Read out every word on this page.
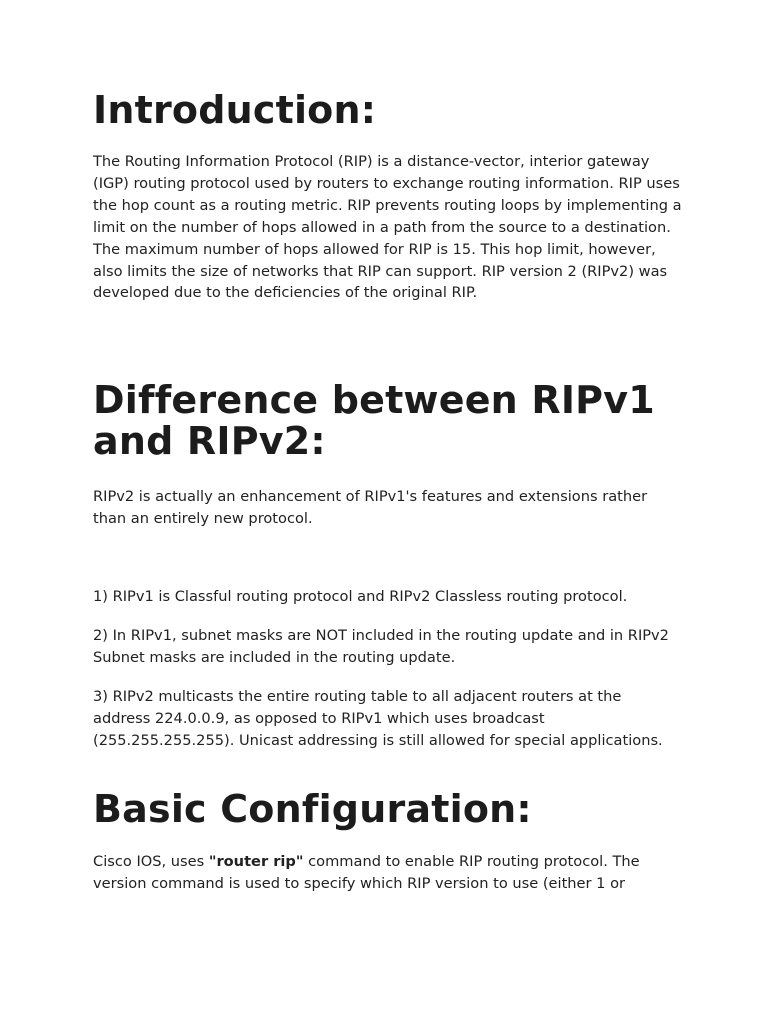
Introduction:

The Routing Information Protocol (RIP) is a distance-vector, interior gateway (IGP) routing protocol used by routers to exchange routing information. RIP uses the hop count as a routing metric. RIP prevents routing loops by implementing a limit on the number of hops allowed in a path from the source to a destination. The maximum number of hops allowed for RIP is 15. This hop limit, however, also limits the size of networks that RIP can support. RIP version 2 (RIPv2) was developed due to the deficiencies of the original RIP.

Difference between RIPv1 and RIPv2:

RIPv2 is actually an enhancement of RIPv1's features and extensions rather than an entirely new protocol.

1) RIPv1 is Classful routing protocol and RIPv2 Classless routing protocol.

2) In RIPv1, subnet masks are NOT included in the routing update and in RIPv2 Subnet masks are included in the routing update.

3) RIPv2 multicasts the entire routing table to all adjacent routers at the address 224.0.0.9, as opposed to RIPv1 which uses broadcast (255.255.255.255). Unicast addressing is still allowed for special applications.

Basic Configuration:

Cisco IOS, uses "router rip" command to enable RIP routing protocol. The version command is used to specify which RIP version to use (either 1 or
